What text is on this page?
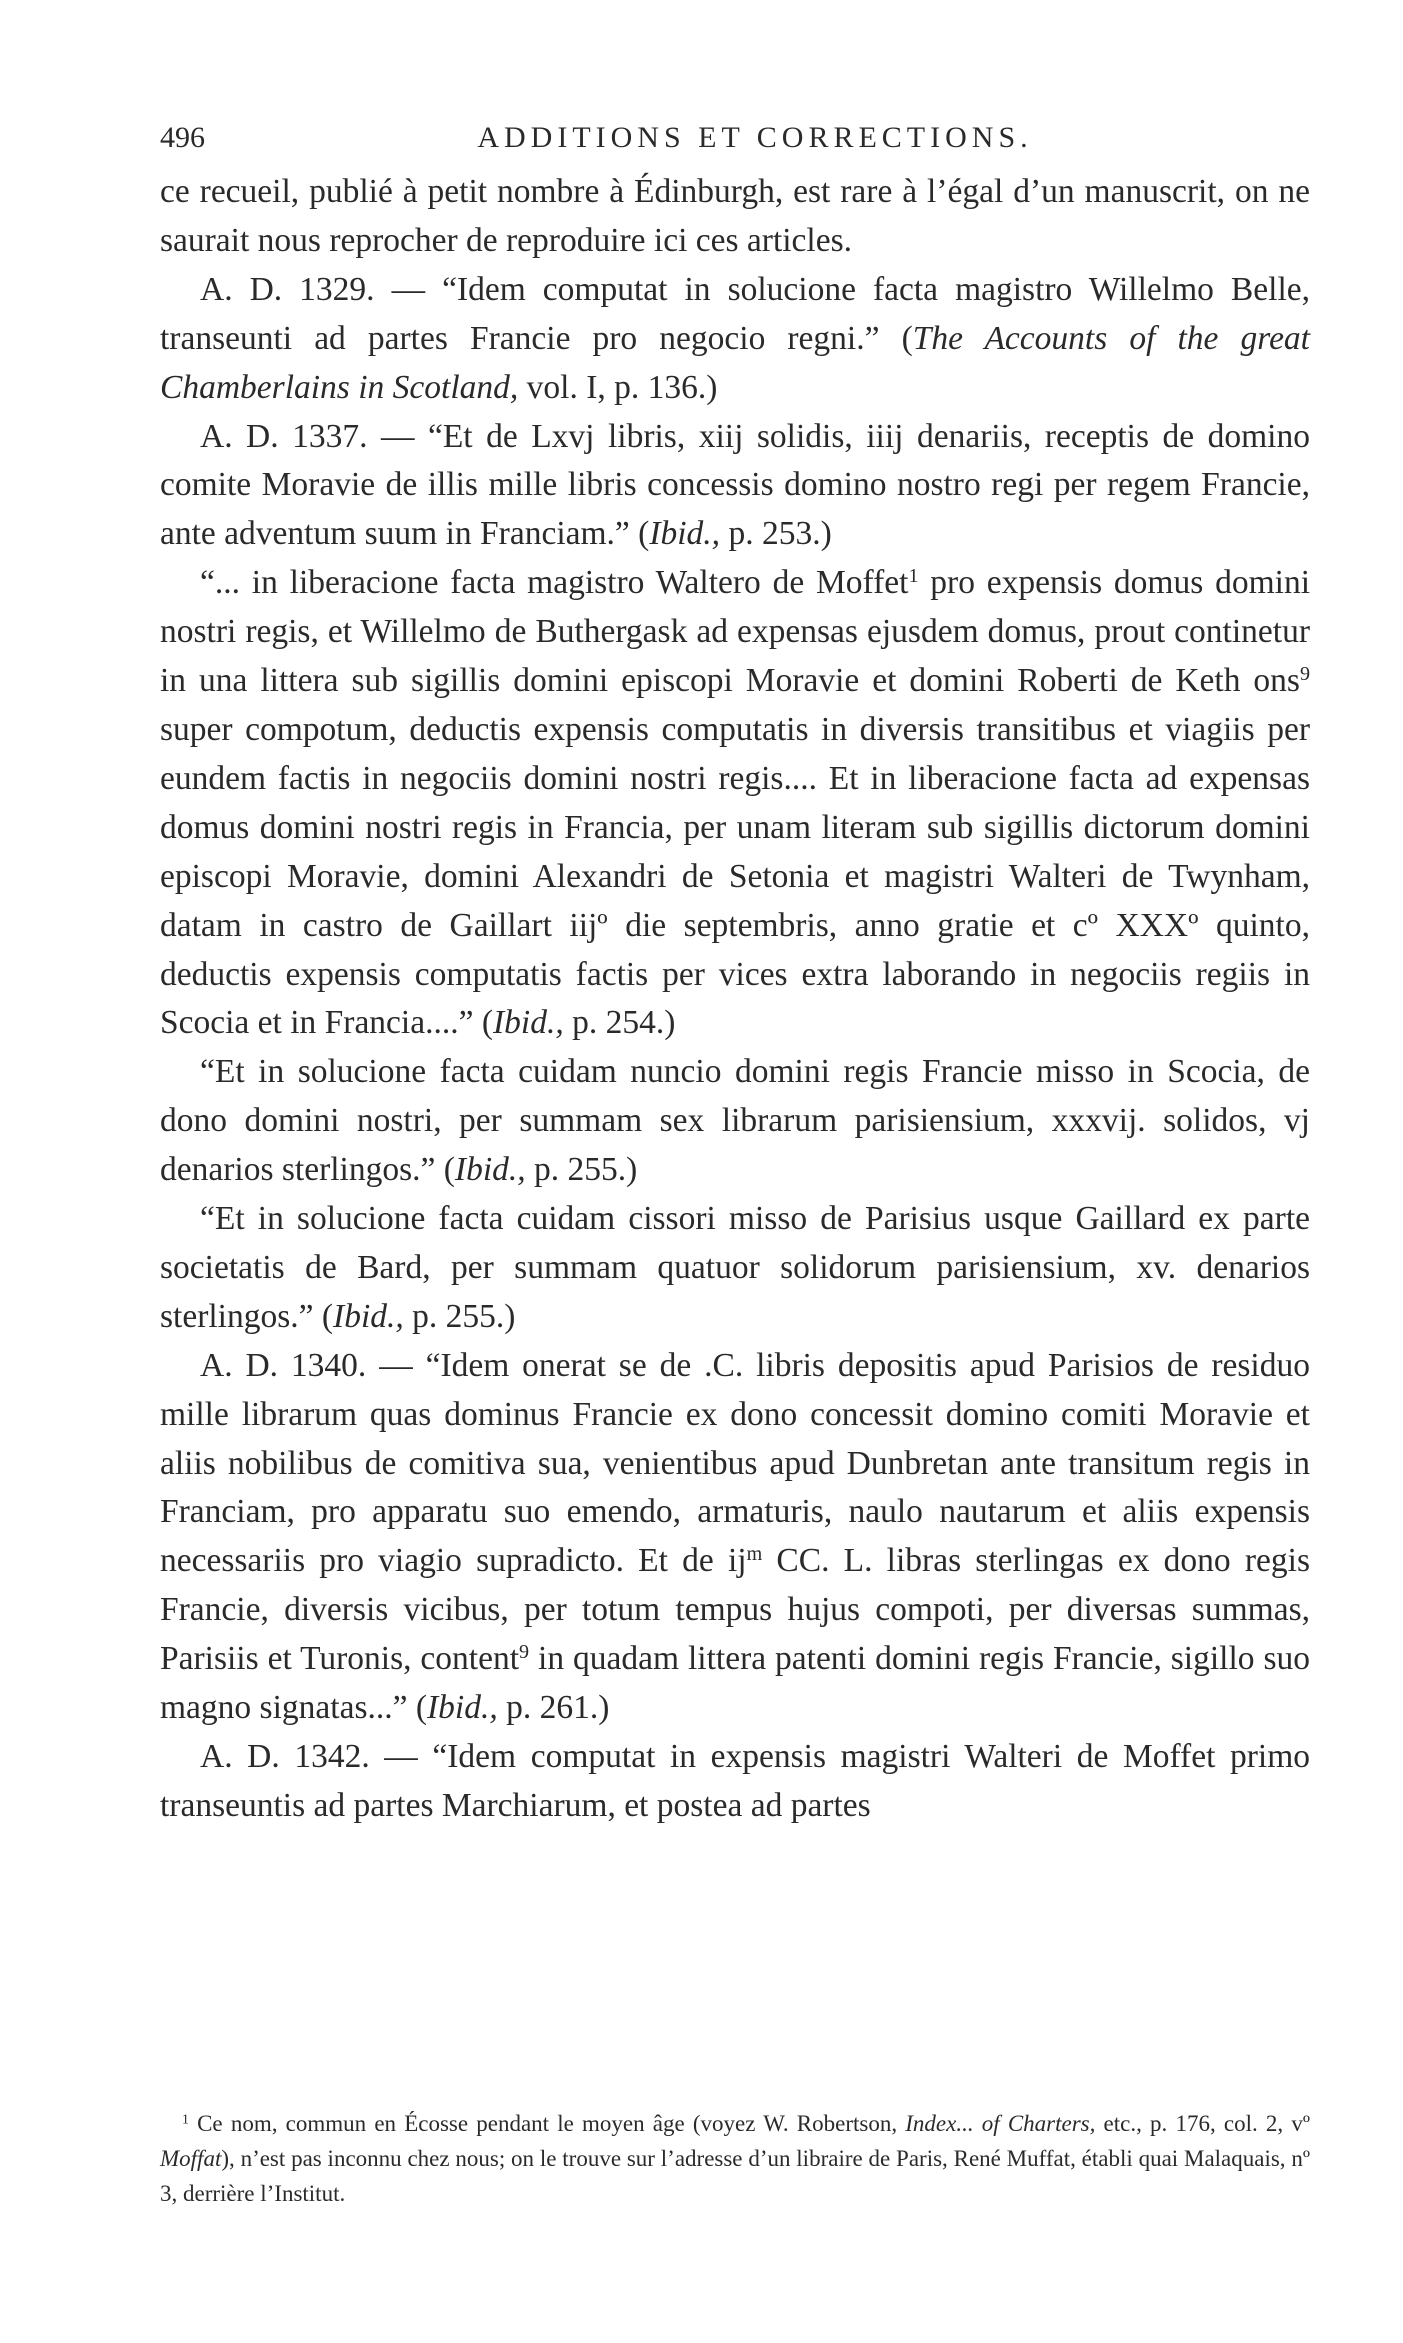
496	ADDITIONS ET CORRECTIONS.

ce recueil, publié à petit nombre à Édinburgh, est rare à l’égal d’un manuscrit, on ne saurait nous reprocher de reproduire ici ces articles.

A. D. 1329. — “Idem computat in solucione facta magistro Willelmo Belle, transeunti ad partes Francie pro negocio regni.” (The Accounts of the great Chamberlains in Scotland, vol. I, p. 136.)

A. D. 1337. — “Et de Lxvj libris, xiij solidis, iiij denariis, receptis de domino comite Moravie de illis mille libris concessis domino nostro regi per regem Francie, ante adventum suum in Franciam.” (Ibid., p. 253.)

“... in liberacione facta magistro Waltero de Moffet$^1$ pro expensis domus domini nostri regis, et Willelmo de Buthergask ad expensas ejusdem domus, prout continetur in una littera sub sigillis domini episcopi Moravie et domini Roberti de Keth ons$^9$ super compotum, deductis expensis computatis in diversis transitibus et viagiis per eundem factis in negociis domini nostri regis.... Et in liberacione facta ad expensas domus domini nostri regis in Francia, per unam literam sub sigillis dictorum domini episcopi Moravie, domini Alexandri de Setonia et magistri Walteri de Twynham, datam in castro de Gaillart iijº die septembris, anno gratie et cº XXXº quinto, deductis expensis computatis factis per vices extra laborando in negociis regiis in Scocia et in Francia....” (Ibid., p. 254.)

“Et in solucione facta cuidam nuncio domini regis Francie misso in Scocia, de dono domini nostri, per summam sex librarum parisiensium, xxxvij. solidos, vj denarios sterlingos.” (Ibid., p. 255.)

“Et in solucione facta cuidam cissori misso de Parisius usque Gaillard ex parte societatis de Bard, per summam quatuor solidorum parisiensium, xv. denarios sterlingos.” (Ibid., p. 255.)

A. D. 1340. — “Idem onerat se de .C. libris depositis apud Parisios de residuo mille librarum quas dominus Francie ex dono concessit domino comiti Moravie et aliis nobilibus de comitiva sua, venientibus apud Dunbretan ante transitum regis in Franciam, pro apparatu suo emendo, armaturis, naulo nautarum et aliis expensis necessariis pro viagio supradicto. Et de $ij^m$ CC. L. libras sterlingas ex dono regis Francie, diversis vicibus, per totum tempus hujus compoti, per diversas summas, Parisiis et Turonis, content$^9$ in quadam littera patenti domini regis Francie, sigillo suo magno signatas...” (Ibid., p. 261.)

A. D. 1342. — “Idem computat in expensis magistri Walteri de Moffet primo transeuntis ad partes Marchiarum, et postea ad partes

$^1$ Ce nom, commun en Écosse pendant le moyen âge (voyez W. Robertson, Index... of Charters, etc., p. 176, col. 2, vº Moffat), n’est pas inconnu chez nous; on le trouve sur l’adresse d’un libraire de Paris, René Muffat, établi quai Malaquais, nº 3, derrière l’Institut.
